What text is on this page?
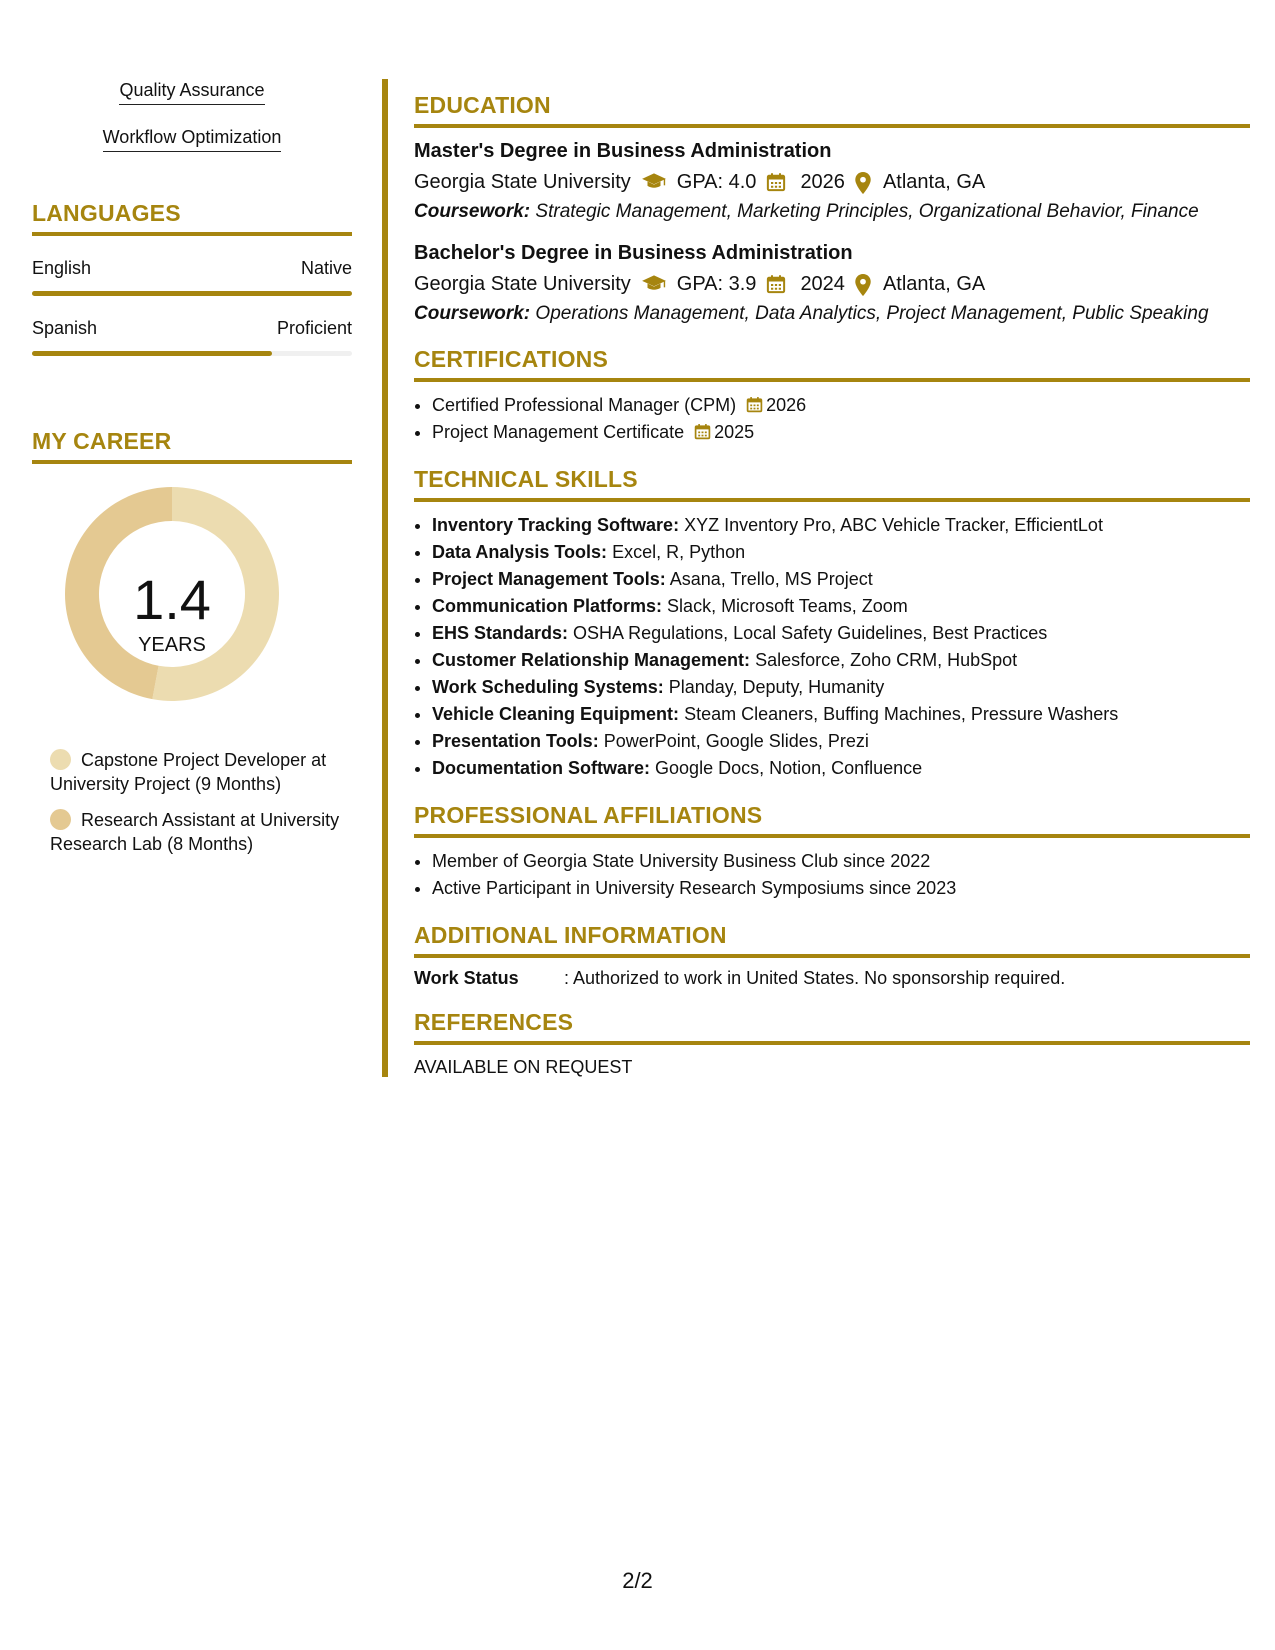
Quality Assurance
Workflow Optimization
LANGUAGES
English	Native
Spanish	Proficient
MY CAREER
1.4
YEARS
Capstone Project Developer at University Project (9 Months)
Research Assistant at University Research Lab (8 Months)
EDUCATION
Master's Degree in Business Administration
Georgia State University GPA: 4.0 2026 Atlanta, GA
Coursework: Strategic Management, Marketing Principles, Organizational Behavior, Finance
Bachelor's Degree in Business Administration
Georgia State University GPA: 3.9 2024 Atlanta, GA
Coursework: Operations Management, Data Analytics, Project Management, Public Speaking
CERTIFICATIONS
• Certified Professional Manager (CPM) 2026
• Project Management Certificate 2025
TECHNICAL SKILLS
• Inventory Tracking Software: XYZ Inventory Pro, ABC Vehicle Tracker, EfficientLot
• Data Analysis Tools: Excel, R, Python
• Project Management Tools: Asana, Trello, MS Project
• Communication Platforms: Slack, Microsoft Teams, Zoom
• EHS Standards: OSHA Regulations, Local Safety Guidelines, Best Practices
• Customer Relationship Management: Salesforce, Zoho CRM, HubSpot
• Work Scheduling Systems: Planday, Deputy, Humanity
• Vehicle Cleaning Equipment: Steam Cleaners, Buffing Machines, Pressure Washers
• Presentation Tools: PowerPoint, Google Slides, Prezi
• Documentation Software: Google Docs, Notion, Confluence
PROFESSIONAL AFFILIATIONS
• Member of Georgia State University Business Club since 2022
• Active Participant in University Research Symposiums since 2023
ADDITIONAL INFORMATION
Work Status	: Authorized to work in United States. No sponsorship required.
REFERENCES
AVAILABLE ON REQUEST
2/2
